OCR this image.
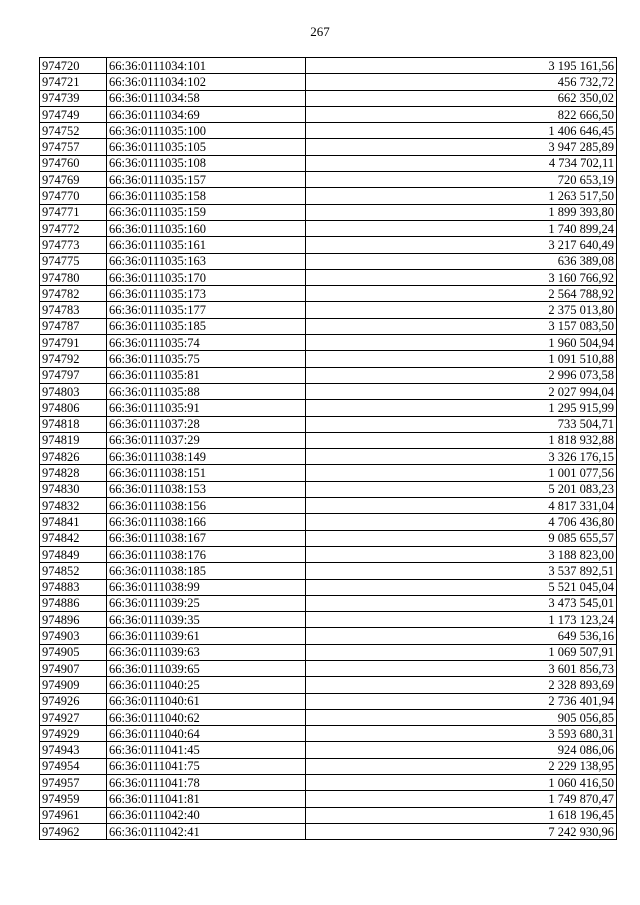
267
974720	66:36:0111034:101	3 195 161,56
974721	66:36:0111034:102	456 732,72
974739	66:36:0111034:58	662 350,02
974749	66:36:0111034:69	822 666,50
974752	66:36:0111035:100	1 406 646,45
974757	66:36:0111035:105	3 947 285,89
974760	66:36:0111035:108	4 734 702,11
974769	66:36:0111035:157	720 653,19
974770	66:36:0111035:158	1 263 517,50
974771	66:36:0111035:159	1 899 393,80
974772	66:36:0111035:160	1 740 899,24
974773	66:36:0111035:161	3 217 640,49
974775	66:36:0111035:163	636 389,08
974780	66:36:0111035:170	3 160 766,92
974782	66:36:0111035:173	2 564 788,92
974783	66:36:0111035:177	2 375 013,80
974787	66:36:0111035:185	3 157 083,50
974791	66:36:0111035:74	1 960 504,94
974792	66:36:0111035:75	1 091 510,88
974797	66:36:0111035:81	2 996 073,58
974803	66:36:0111035:88	2 027 994,04
974806	66:36:0111035:91	1 295 915,99
974818	66:36:0111037:28	733 504,71
974819	66:36:0111037:29	1 818 932,88
974826	66:36:0111038:149	3 326 176,15
974828	66:36:0111038:151	1 001 077,56
974830	66:36:0111038:153	5 201 083,23
974832	66:36:0111038:156	4 817 331,04
974841	66:36:0111038:166	4 706 436,80
974842	66:36:0111038:167	9 085 655,57
974849	66:36:0111038:176	3 188 823,00
974852	66:36:0111038:185	3 537 892,51
974883	66:36:0111038:99	5 521 045,04
974886	66:36:0111039:25	3 473 545,01
974896	66:36:0111039:35	1 173 123,24
974903	66:36:0111039:61	649 536,16
974905	66:36:0111039:63	1 069 507,91
974907	66:36:0111039:65	3 601 856,73
974909	66:36:0111040:25	2 328 893,69
974926	66:36:0111040:61	2 736 401,94
974927	66:36:0111040:62	905 056,85
974929	66:36:0111040:64	3 593 680,31
974943	66:36:0111041:45	924 086,06
974954	66:36:0111041:75	2 229 138,95
974957	66:36:0111041:78	1 060 416,50
974959	66:36:0111041:81	1 749 870,47
974961	66:36:0111042:40	1 618 196,45
974962	66:36:0111042:41	7 242 930,96
